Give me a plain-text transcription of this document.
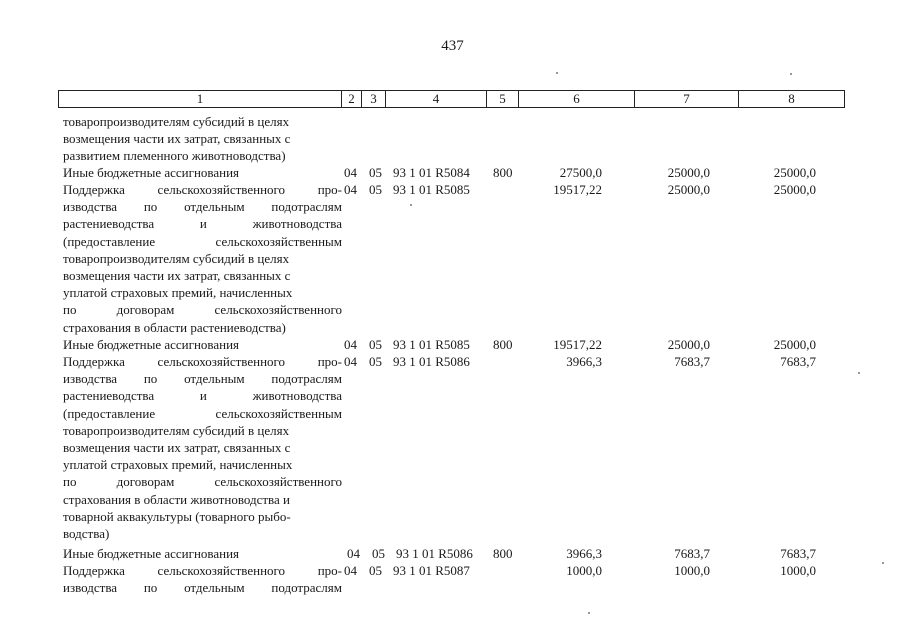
437
1	2	3	4	5	6	7	8
товаропроизводителям субсидий в целях
возмещения части их затрат, связанных с
развитием племенного животноводства)
Иные бюджетные ассигнования	04 05 93 1 01 R5084 800	27500,0	25000,0	25000,0
Поддержка сельскохозяйственного про-
изводства по отдельным подотраслям
растениеводства и животноводства
(предоставление сельскохозяйственным
товаропроизводителям субсидий в целях
возмещения части их затрат, связанных с
уплатой страховых премий, начисленных
по договорам сельскохозяйственного
страхования в области растениеводства)
04 05 93 1 01 R5085	19517,22	25000,0	25000,0
Иные бюджетные ассигнования	04 05 93 1 01 R5085 800	19517,22	25000,0	25000,0
Поддержка сельскохозяйственного про-
изводства по отдельным подотраслям
растениеводства и животноводства
(предоставление сельскохозяйственным
товаропроизводителям субсидий в целях
возмещения части их затрат, связанных с
уплатой страховых премий, начисленных
по договорам сельскохозяйственного
страхования в области животноводства и
товарной аквакультуры (товарного рыбо-
водства)
04 05 93 1 01 R5086	3966,3	7683,7	7683,7
Иные бюджетные ассигнования	04 05 93 1 01 R5086 800	3966,3	7683,7	7683,7
Поддержка сельскохозяйственного про-
изводства по отдельным подотраслям
04 05 93 1 01 R5087	1000,0	1000,0	1000,0
